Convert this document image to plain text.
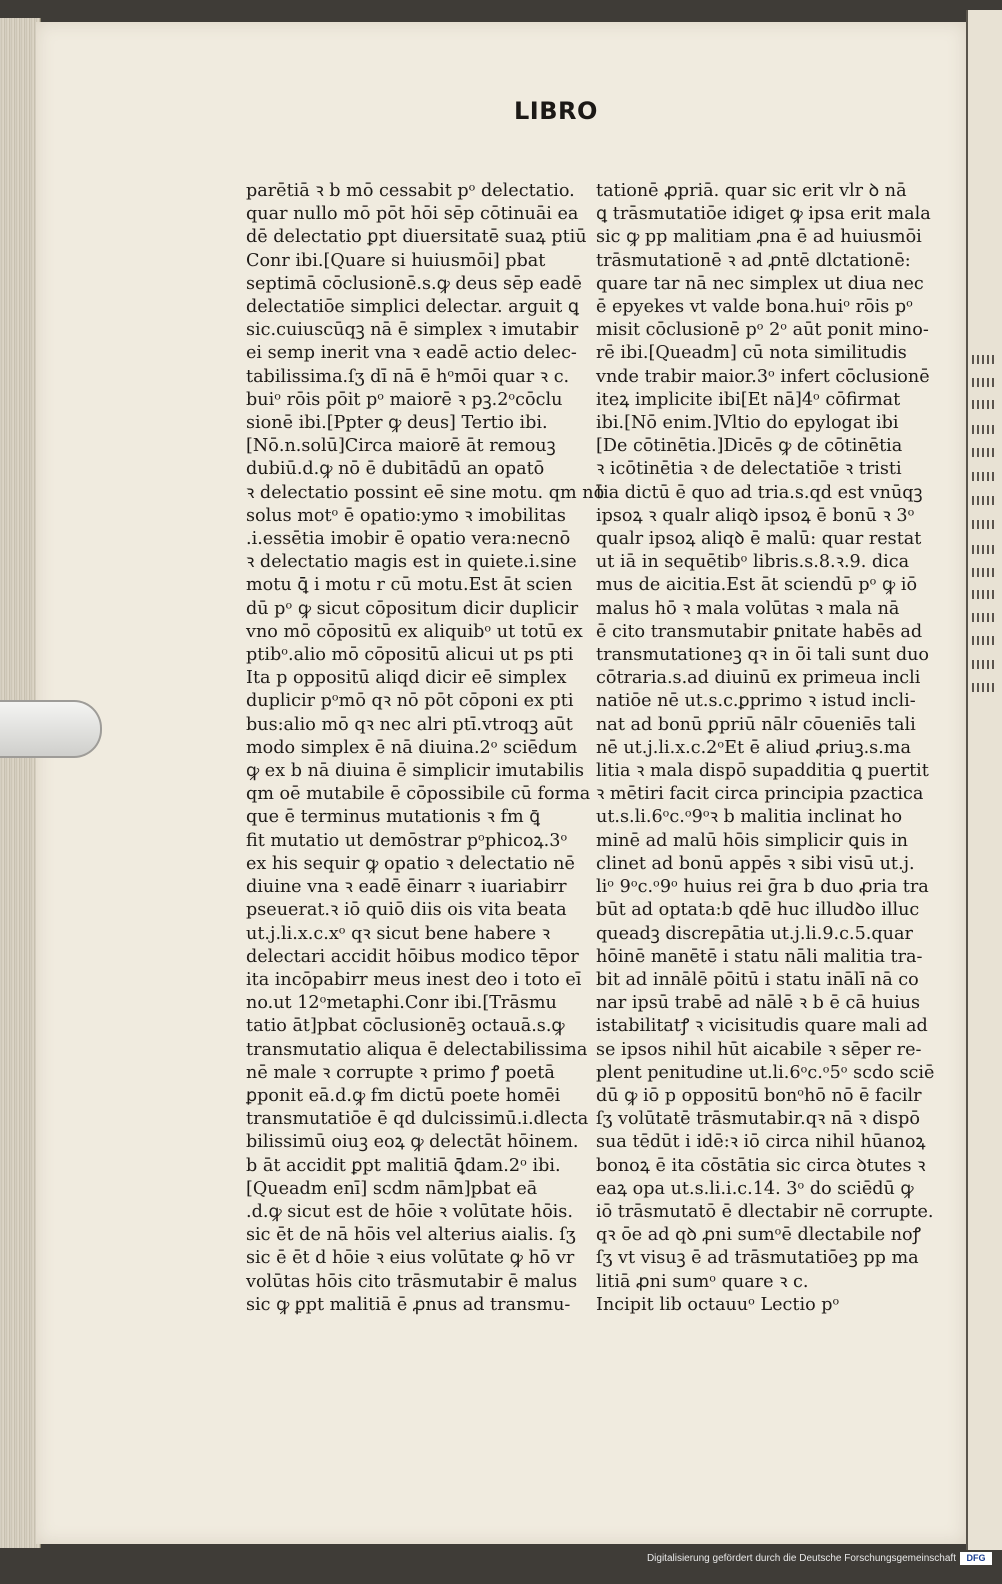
LIBRO
parētiā ꝛ b mō cessabit pᵒ delectatio.
quar nullo mō pōt hōi sēp cōtinuāi ea
dē delectatio ꝑpt diuersitatē suaꝝ ptiū
Conr ibi.[Quare si huiusmōi] pbat
septimā cōclusionē.s.ꝙ deus sēp eadē
delectatiōe simplici delectar. arguit ꝗ
sic.cuiuscūqꝫ nā ē simplex ꝛ imutabir
ei semp inerit vna ꝛ eadē actio delec-
tabilissima.ſʒ dī nā ē hᵒmōi quar ꝛ c.
buiᵒ rōis pōit pᵒ maiorē ꝛ pꝫ.2ᵒcōclu
sionē ibi.[Ppter ꝙ deus] Tertio ibi.
[Nō.n.solū]Circa maiorē āt remouꝫ
dubiū.d.ꝙ nō ē dubitādū an opatō
ꝛ delectatio possint eē sine motu. qm nō
solus motᵒ ē opatio:ymo ꝛ imobilitas
.i.essētia imobir ē opatio vera:necnō
ꝛ delectatio magis est in quiete.i.sine
motu ꝗ̄ i motu r cū motu.Est āt scien
dū pᵒ ꝙ sicut cōpositum dicir duplicir
vno mō cōpositū ex aliquibᵒ ut totū ex
ptibᵒ.alio mō cōpositū alicui ut ps pti
Ita p oppositū aliqd dicir eē simplex
duplicir pᵒmō qꝛ nō pōt cōponi ex pti
bus:alio mō qꝛ nec alri ptī.vtroqꝫ aūt
modo simplex ē nā diuina.2ᵒ sciēdum
ꝙ ex b nā diuina ē simplicir imutabilis
qm oē mutabile ē cōpossibile cū forma
que ē terminus mutationis ꝛ fm ꝗ̄
fit mutatio ut demōstrar pᵒphicoꝝ.3ᵒ
ex his sequir ꝙ opatio ꝛ delectatio nē
diuine vna ꝛ eadē ēinarr ꝛ iuariabirr
pseuerat.ꝛ iō quiō diis ois vita beata
ut.j.li.x.c.xᵒ qꝛ sicut bene habere ꝛ
delectari accidit hōibus modico tēpor
ita incōpabirr meus inest deo i toto eī
no.ut 12ᵒmetaphi.Conr ibi.[Trāsmu
tatio āt]pbat cōclusionēꝫ octauā.s.ꝙ
transmutatio aliqua ē delectabilissima
nē male ꝛ corrupte ꝛ primo ꝭ poetā
ꝑponit eā.d.ꝙ fm dictū poete homēi
transmutatiōe ē qd dulcissimū.i.dlecta
bilissimū oiuꝫ eoꝝ ꝙ delectāt hōinem.
b āt accidit ꝑpt malitiā ꝗ̄dam.2ᵒ ibi.
[Queadm enī] scdm nām]pbat eā
.d.ꝙ sicut est de hōie ꝛ volūtate hōis.
sic ēt de nā hōis vel alterius aialis. ſʒ
sic ē ēt d hōie ꝛ eius volūtate ꝙ hō vr
volūtas hōis cito trāsmutabir ē malus
sic ꝙ ꝑpt malitiā ē ꝓnus ad transmu-
tationē ꝓpriā. quar sic erit vlr ꝺ nā
ꝗ trāsmutatiōe idiget ꝙ ipsa erit mala
sic ꝙ pp malitiam ꝓna ē ad huiusmōi
trāsmutationē ꝛ ad ꝓntē dlctationē:
quare tar nā nec simplex ut diua nec
ē epyekes vt valde bona.huiᵒ rōis pᵒ
misit cōclusionē pᵒ 2ᵒ aūt ponit mino-
rē ibi.[Queadm] cū nota similitudis
vnde trabir maior.3ᵒ infert cōclusionē
iteꝝ implicite ibi[Et nā]4ᵒ cōfirmat
ibi.[Nō enim.]Vltio do epylogat ibi
[De cōtinētia.]Dicēs ꝙ de cōtinētia
ꝛ icōtinētia ꝛ de delectatiōe ꝛ tristi
tia dictū ē quo ad tria.s.qd est vnūqꝫ
ipsoꝝ ꝛ qualr aliqꝺ ipsoꝝ ē bonū ꝛ 3ᵒ
qualr ipsoꝝ aliqꝺ ē malū: quar restat
ut iā in sequētibᵒ libris.s.8.ꝛ.9. dica
mus de aicitia.Est āt sciendū pᵒ ꝙ iō
malus hō ꝛ mala volūtas ꝛ mala nā
ē cito transmutabir ꝑnitate habēs ad
transmutationeꝫ qꝛ in ōi tali sunt duo
cōtraria.s.ad diuinū ex primeua incli
natiōe nē ut.s.c.ꝑprimo ꝛ istud incli-
nat ad bonū ꝑpriū nālr cōueniēs tali
nē ut.j.li.x.c.2ᵒEt ē aliud ꝓriuꝫ.s.ma
litia ꝛ mala dispō supadditia ꝗ puertit
ꝛ mētiri facit circa principia pzactica
ut.s.li.6ᵒc.ᵒ9ᵒꝛ b malitia inclinat ho
minē ad malū hōis simplicir ꝗuis in
clinet ad bonū appēs ꝛ sibi visū ut.j.
liᵒ 9ᵒc.ᵒ9ᵒ huius rei ḡra b duo ꝓria tra
būt ad optata:b qdē huc illudꝺo illuc
queadꝫ discrepātia ut.j.li.9.c.5.quar
hōinē manētē i statu nāli malitia tra-
bit ad innālē pōitū i statu inālī nā co
nar ipsū trabē ad nālē ꝛ b ē cā huius
istabilitatꝭ ꝛ vicisitudis quare mali ad
se ipsos nihil hūt aicabile ꝛ sēper re-
plent penitudine ut.li.6ᵒc.ᵒ5ᵒ scdo sciē
dū ꝙ iō p oppositū bonᵒhō nō ē facilr
ſʒ volūtatē trāsmutabir.qꝛ nā ꝛ dispō
sua tēdūt i idē:ꝛ iō circa nihil hūanoꝝ
bonoꝝ ē ita cōstātia sic circa ꝺtutes ꝛ
eaꝝ opa ut.s.li.i.c.14. 3ᵒ do sciēdū ꝙ
iō trāsmutatō ē dlectabir nē corrupte.
qꝛ ōe ad qꝺ ꝓni sumᵒē dlectabile noꝭ
ſʒ vt visuꝫ ē ad trāsmutatiōeꝫ pp ma
litiā ꝓni sumᵒ quare ꝛ c.
Incipit lib octauuᵒ Lectio pᵒ
Digitalisierung gefördert durch die Deutsche Forschungsgemeinschaft	DFG
